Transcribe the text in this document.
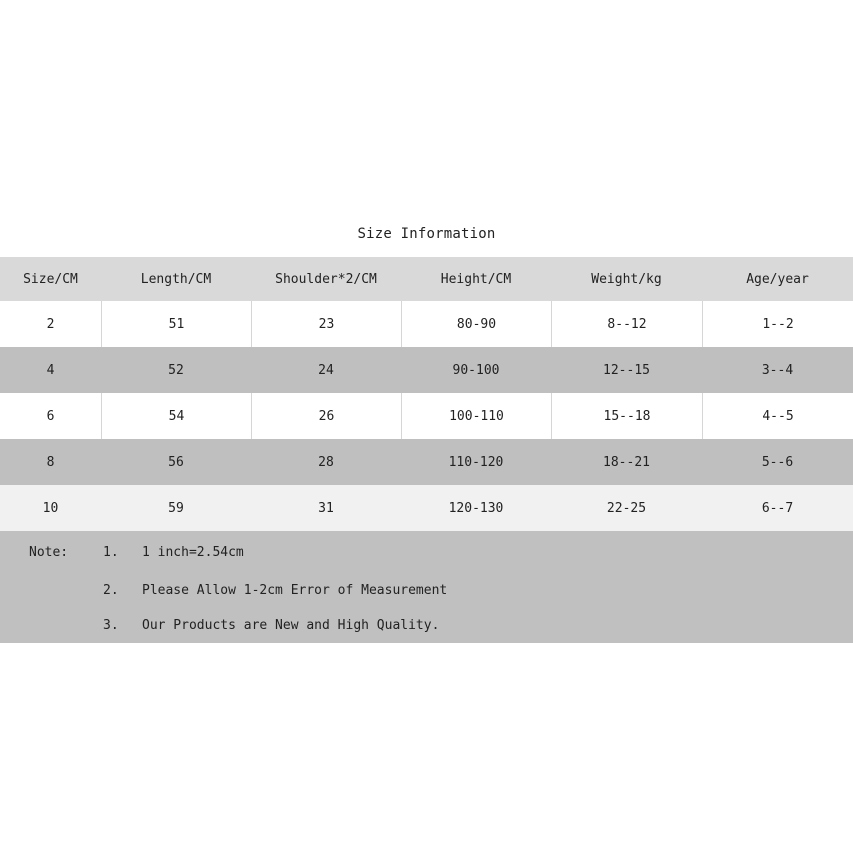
Size Information
Size/CM	Length/CM	Shoulder*2/CM	Height/CM	Weight/kg	Age/year
2	51	23	80-90	8--12	1--2
4	52	24	90-100	12--15	3--4
6	54	26	100-110	15--18	4--5
8	56	28	110-120	18--21	5--6
10	59	31	120-130	22-25	6--7
Note:	1. 1 inch=2.54cm
2. Please Allow 1-2cm Error of Measurement
3. Our Products are New and High Quality.
